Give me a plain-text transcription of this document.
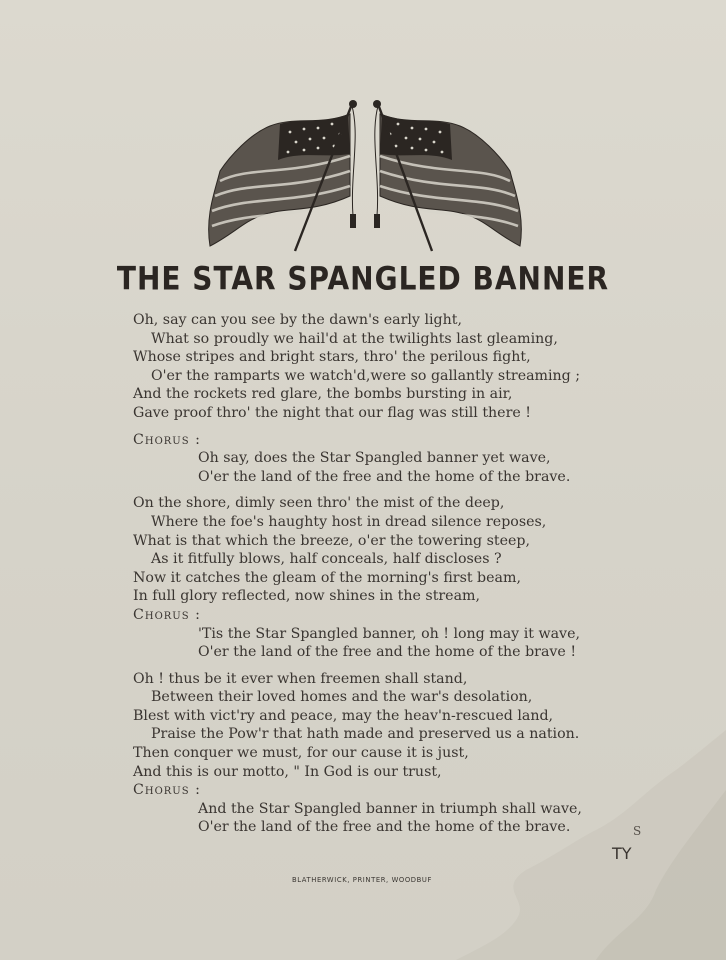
THE STAR SPANGLED BANNER
Oh, say can you see by the dawn's early light,
What so proudly we hail'd at the twilights last gleaming,
Whose stripes and bright stars, thro' the perilous fight,
O'er the ramparts we watch'd,were so gallantly streaming ;
And the rockets red glare, the bombs bursting in air,
Gave proof thro' the night that our flag was still there !
Chorus :
Oh say, does the Star Spangled banner yet wave,
O'er the land of the free and the home of the brave.
On the shore, dimly seen thro' the mist of the deep,
Where the foe's haughty host in dread silence reposes,
What is that which the breeze, o'er the towering steep,
As it fitfully blows, half conceals, half discloses ?
Now it catches the gleam of the morning's first beam,
In full glory reflected, now shines in the stream,
Chorus :
'Tis the Star Spangled banner, oh ! long may it wave,
O'er the land of the free and the home of the brave !
Oh ! thus be it ever when freemen shall stand,
Between their loved homes and the war's desolation,
Blest with vict'ry and peace, may the heav'n-rescued land,
Praise the Pow'r that hath made and preserved us a nation.
Then conquer we must, for our cause it is just,
And this is our motto, " In God is our trust,
Chorus :
And the Star Spangled banner in triumph shall wave,
O'er the land of the free and the home of the brave.	S
TY
BLATHERWICK, PRINTER, WOODBUF
